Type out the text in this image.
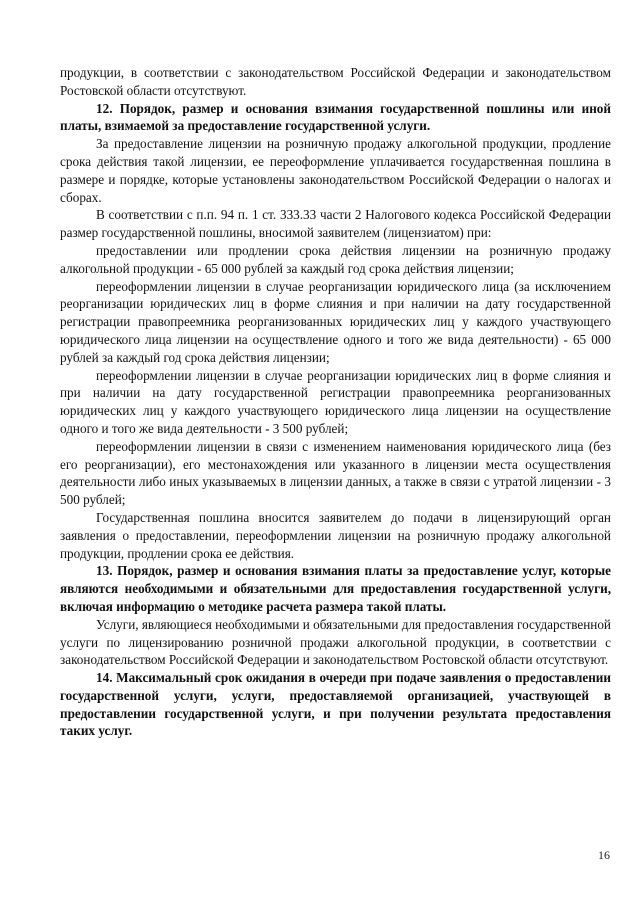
продукции, в соответствии с законодательством Российской Федерации и законодательством Ростовской области отсутствуют.

12. Порядок, размер и основания взимания государственной пошлины или иной платы, взимаемой за предоставление государственной услуги.

За предоставление лицензии на розничную продажу алкогольной продукции, продление срока действия такой лицензии, ее переоформление уплачивается государственная пошлина в размере и порядке, которые установлены законодательством Российской Федерации о налогах и сборах.

В соответствии с п.п. 94 п. 1 ст. 333.33 части 2 Налогового кодекса Российской Федерации размер государственной пошлины, вносимой заявителем (лицензиатом) при:

предоставлении или продлении срока действия лицензии на розничную продажу алкогольной продукции - 65 000 рублей за каждый год срока действия лицензии;

переоформлении лицензии в случае реорганизации юридического лица (за исключением реорганизации юридических лиц в форме слияния и при наличии на дату государственной регистрации правопреемника реорганизованных юридических лиц у каждого участвующего юридического лица лицензии на осуществление одного и того же вида деятельности) - 65 000 рублей за каждый год срока действия лицензии;

переоформлении лицензии в случае реорганизации юридических лиц в форме слияния и при наличии на дату государственной регистрации правопреемника реорганизованных юридических лиц у каждого участвующего юридического лица лицензии на осуществление одного и того же вида деятельности - 3 500 рублей;

переоформлении лицензии в связи с изменением наименования юридического лица (без его реорганизации), его местонахождения или указанного в лицензии места осуществления деятельности либо иных указываемых в лицензии данных, а также в связи с утратой лицензии - 3 500 рублей;

Государственная пошлина вносится заявителем до подачи в лицензирующий орган заявления о предоставлении, переоформлении лицензии на розничную продажу алкогольной продукции, продлении срока ее действия.

13. Порядок, размер и основания взимания платы за предоставление услуг, которые являются необходимыми и обязательными для предоставления государственной услуги, включая информацию о методике расчета размера такой платы.

Услуги, являющиеся необходимыми и обязательными для предоставления государственной услуги по лицензированию розничной продажи алкогольной продукции, в соответствии с законодательством Российской Федерации и законодательством Ростовской области отсутствуют.

14. Максимальный срок ожидания в очереди при подаче заявления о предоставлении государственной услуги, услуги, предоставляемой организацией, участвующей в предоставлении государственной услуги, и при получении результата предоставления таких услуг.

16
